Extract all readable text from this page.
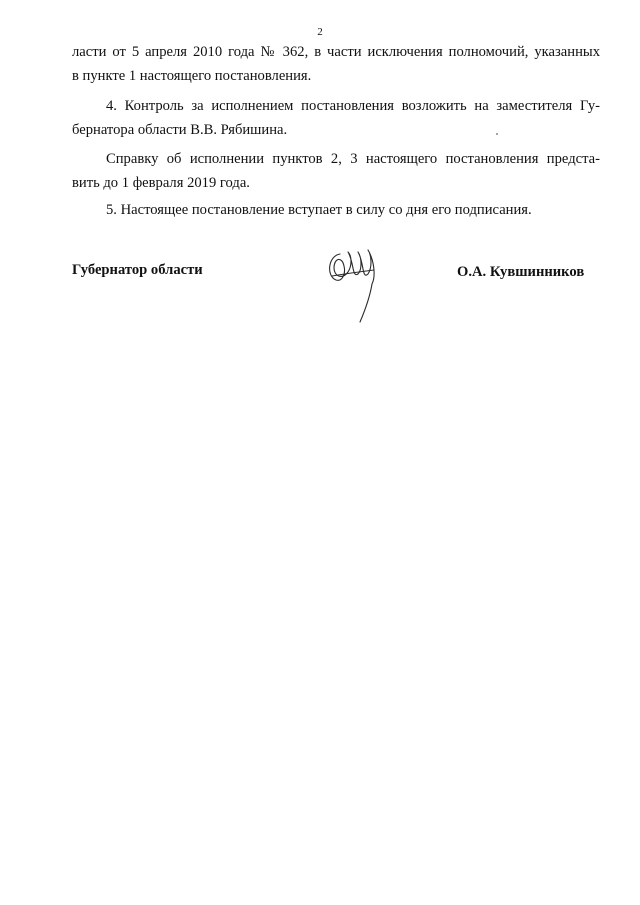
2
ласти от 5 апреля 2010 года № 362, в части исключения полномочий, указанных
в пункте 1 настоящего постановления.
4. Контроль за исполнением постановления возложить на заместителя Гу-
бернатора области В.В. Рябишина.
Справку об исполнении пунктов 2, 3 настоящего постановления предста-
вить до 1 февраля 2019 года.
5. Настоящее постановление вступает в силу со дня его подписания.
Губернатор области	О.А. Кувшинников
